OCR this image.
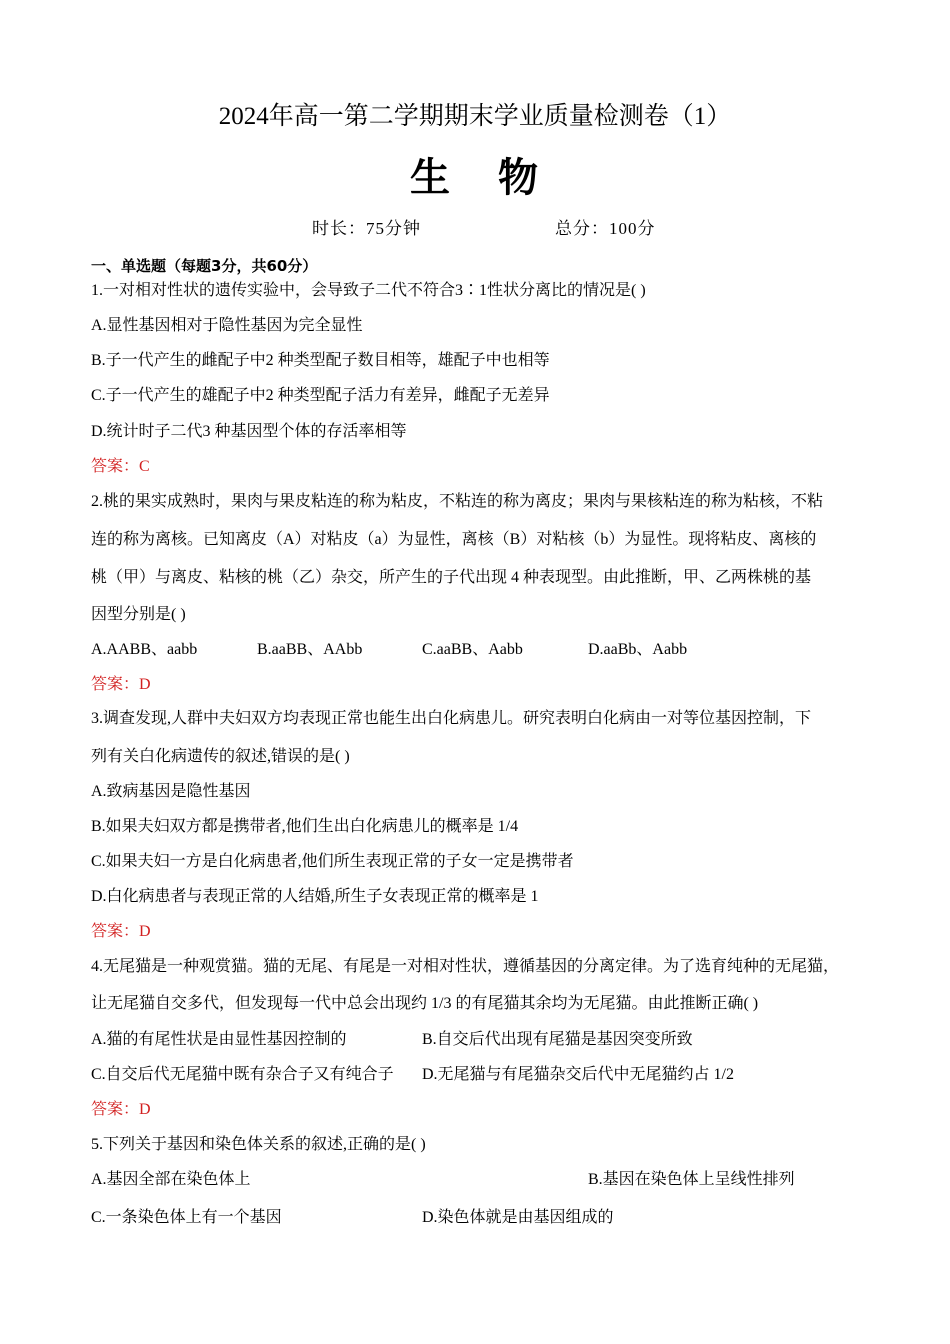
2024年高一第二学期期末学业质量检测卷（1）
生 物
时长：75分钟	总分：100分
一、单选题（每题3分，共60分）
1.一对相对性状的遗传实验中，会导致子二代不符合3∶1性状分离比的情况是( )
A.显性基因相对于隐性基因为完全显性
B.子一代产生的雌配子中2 种类型配子数目相等，雄配子中也相等
C.子一代产生的雄配子中2 种类型配子活力有差异，雌配子无差异
D.统计时子二代3 种基因型个体的存活率相等
答案：C
2.桃的果实成熟时，果肉与果皮粘连的称为粘皮，不粘连的称为离皮；果肉与果核粘连的称为粘核，不粘
连的称为离核。已知离皮（A）对粘皮（a）为显性，离核（B）对粘核（b）为显性。现将粘皮、离核的
桃（甲）与离皮、粘核的桃（乙）杂交，所产生的子代出现 4 种表现型。由此推断，甲、乙两株桃的基
因型分别是( )
A.AABB、aabb	B.aaBB、AAbb	C.aaBB、Aabb	D.aaBb、Aabb
答案：D
3.调查发现,人群中夫妇双方均表现正常也能生出白化病患儿。研究表明白化病由一对等位基因控制，下
列有关白化病遗传的叙述,错误的是( )
A.致病基因是隐性基因
B.如果夫妇双方都是携带者,他们生出白化病患儿的概率是 1/4
C.如果夫妇一方是白化病患者,他们所生表现正常的子女一定是携带者
D.白化病患者与表现正常的人结婚,所生子女表现正常的概率是 1
答案：D
4.无尾猫是一种观赏猫。猫的无尾、有尾是一对相对性状，遵循基因的分离定律。为了选育纯种的无尾猫，
让无尾猫自交多代，但发现每一代中总会出现约 1/3 的有尾猫其余均为无尾猫。由此推断正确( )
A.猫的有尾性状是由显性基因控制的	B.自交后代出现有尾猫是基因突变所致
C.自交后代无尾猫中既有杂合子又有纯合子 D.无尾猫与有尾猫杂交后代中无尾猫约占 1/2
答案：D
5.下列关于基因和染色体关系的叙述,正确的是( )
A.基因全部在染色体上	B.基因在染色体上呈线性排列
C.一条染色体上有一个基因	D.染色体就是由基因组成的
